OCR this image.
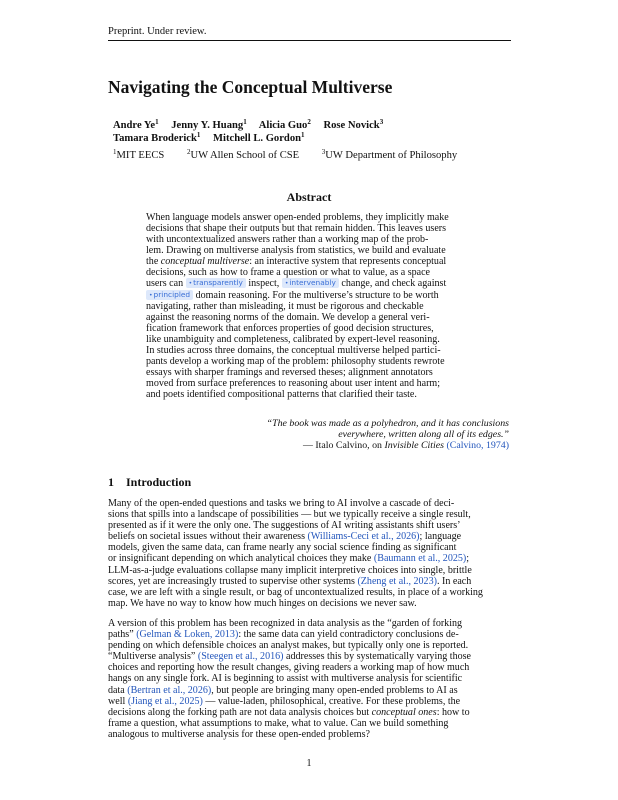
Preprint. Under review.
Navigating the Conceptual Multiverse
Andre Ye$^1$ Jenny Y. Huang$^1$ Alicia Guo$^2$ Rose Novick$^3$
Tamara Broderick$^1$ Mitchell L. Gordon$^1$
$^1$MIT EECS	$^2$UW Allen School of CSE	$^3$UW Department of Philosophy
Abstract
When language models answer open-ended problems, they implicitly make
decisions that shape their outputs but that remain hidden. This leaves users
with uncontextualized answers rather than a working map of the prob-
lem. Drawing on multiverse analysis from statistics, we build and evaluate
the conceptual multiverse: an interactive system that represents conceptual
decisions, such as how to frame a question or what to value, as a space
users can •transparently inspect, •intervenably change, and check against
•principled domain reasoning. For the multiverse’s structure to be worth
navigating, rather than misleading, it must be rigorous and checkable
against the reasoning norms of the domain. We develop a general veri-
fication framework that enforces properties of good decision structures,
like unambiguity and completeness, calibrated by expert-level reasoning.
In studies across three domains, the conceptual multiverse helped partici-
pants develop a working map of the problem: philosophy students rewrote
essays with sharper framings and reversed theses; alignment annotators
moved from surface preferences to reasoning about user intent and harm;
and poets identified compositional patterns that clarified their taste.
“The book was made as a polyhedron, and it has conclusions
everywhere, written along all of its edges.”
— Italo Calvino, on Invisible Cities (Calvino, 1974)
1 Introduction
Many of the open-ended questions and tasks we bring to AI involve a cascade of deci-
sions that spills into a landscape of possibilities — but we typically receive a single result,
presented as if it were the only one. The suggestions of AI writing assistants shift users’
beliefs on societal issues without their awareness (Williams-Ceci et al., 2026); language
models, given the same data, can frame nearly any social science finding as significant
or insignificant depending on which analytical choices they make (Baumann et al., 2025);
LLM-as-a-judge evaluations collapse many implicit interpretive choices into single, brittle
scores, yet are increasingly trusted to supervise other systems (Zheng et al., 2023). In each
case, we are left with a single result, or bag of uncontextualized results, in place of a working
map. We have no way to know how much hinges on decisions we never saw.
A version of this problem has been recognized in data analysis as the “garden of forking
paths” (Gelman & Loken, 2013): the same data can yield contradictory conclusions de-
pending on which defensible choices an analyst makes, but typically only one is reported.
“Multiverse analysis” (Steegen et al., 2016) addresses this by systematically varying those
choices and reporting how the result changes, giving readers a working map of how much
hangs on any single fork. AI is beginning to assist with multiverse analysis for scientific
data (Bertran et al., 2026), but people are bringing many open-ended problems to AI as
well (Jiang et al., 2025) — value-laden, philosophical, creative. For these problems, the
decisions along the forking path are not data analysis choices but conceptual ones: how to
frame a question, what assumptions to make, what to value. Can we build something
analogous to multiverse analysis for these open-ended problems?
1
